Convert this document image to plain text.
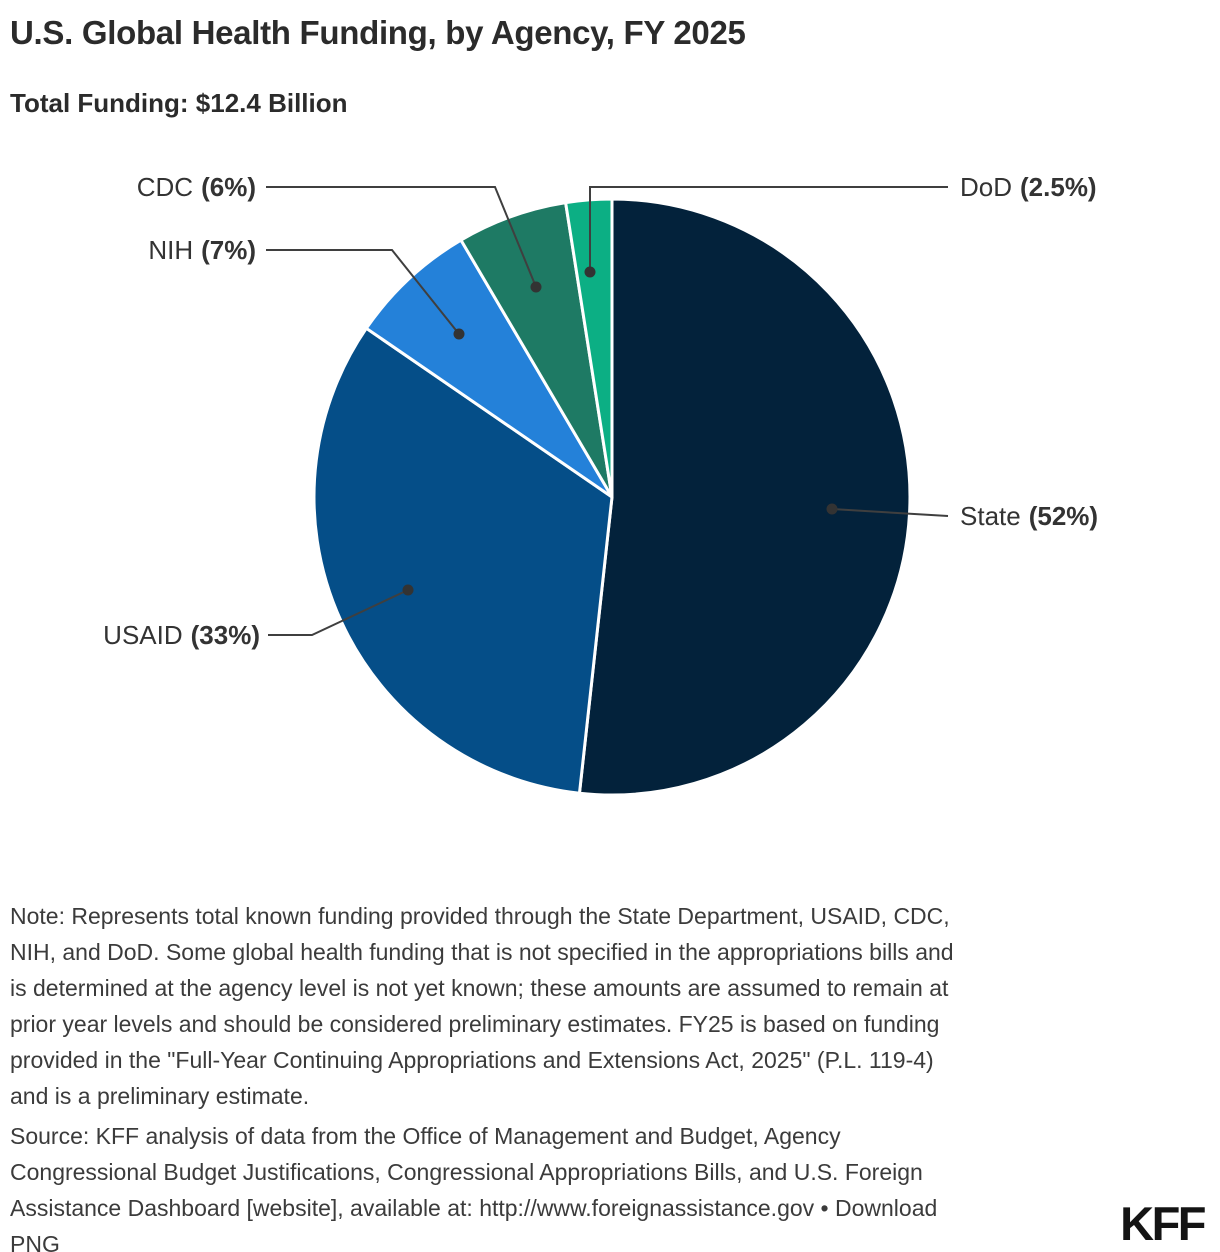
U.S. Global Health Funding, by Agency, FY 2025
Total Funding: $12.4 Billion
CDC (6%)
NIH (7%)
USAID (33%)
DoD (2.5%)
State (52%)
Note: Represents total known funding provided through the State Department, USAID, CDC,
NIH, and DoD. Some global health funding that is not specified in the appropriations bills and
is determined at the agency level is not yet known; these amounts are assumed to remain at
prior year levels and should be considered preliminary estimates. FY25 is based on funding
provided in the "Full-Year Continuing Appropriations and Extensions Act, 2025" (P.L. 119-4)
and is a preliminary estimate.
Source: KFF analysis of data from the Office of Management and Budget, Agency
Congressional Budget Justifications, Congressional Appropriations Bills, and U.S. Foreign
Assistance Dashboard [website], available at: http://www.foreignassistance.gov • Download
PNG	KFF
